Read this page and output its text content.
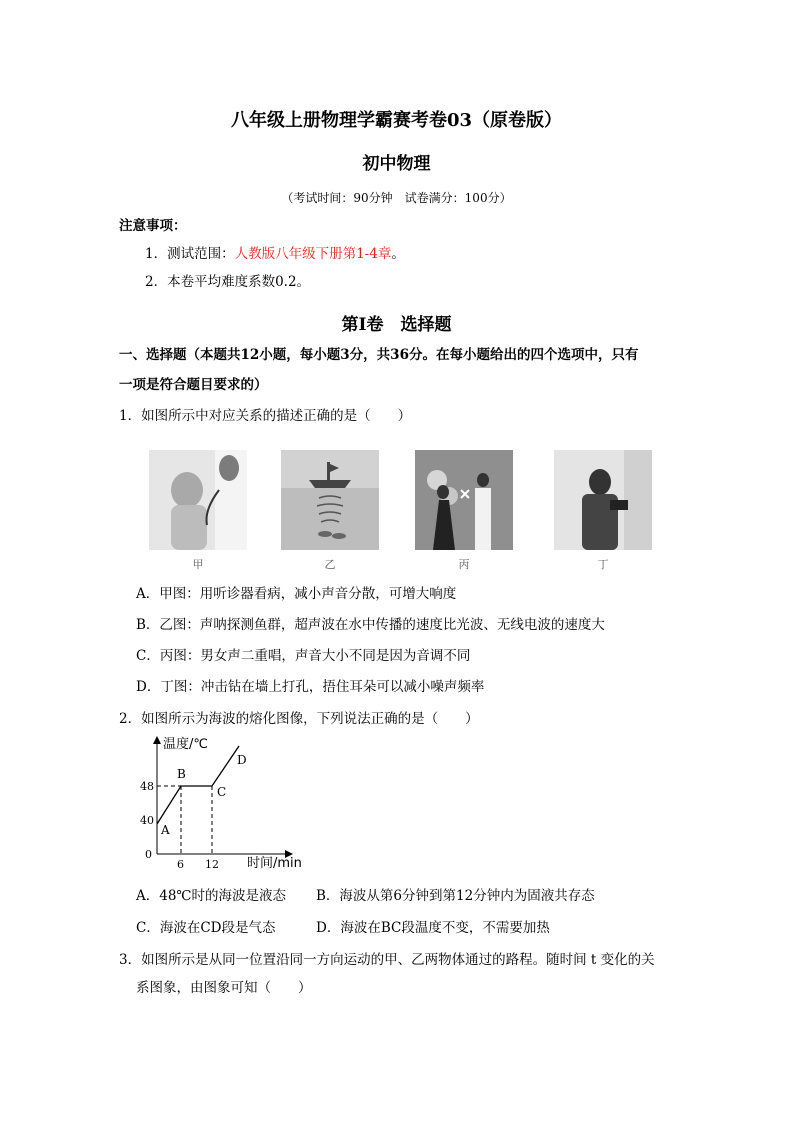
八年级上册物理学霸赛考卷03（原卷版）
初中物理
（考试时间：90分钟　试卷满分：100分）
注意事项：
1．测试范围：人教版八年级下册第1-4章。
2．本卷平均难度系数0.2。
第Ⅰ卷　选择题
一、选择题（本题共12小题，每小题3分，共36分。在每小题给出的四个选项中，只有
一项是符合题目要求的）
1．如图所示中对应关系的描述正确的是（　　）
甲	乙	丙	丁
A．甲图：用听诊器看病，减小声音分散，可增大响度
B．乙图：声呐探测鱼群，超声波在水中传播的速度比光波、无线电波的速度大
C．丙图：男女声二重唱，声音大小不同是因为音调不同
D．丁图：冲击钻在墙上打孔，捂住耳朵可以减小噪声频率
2．如图所示为海波的熔化图像，下列说法正确的是（　　）
温度/℃
时间/min
0
40
48
6 12
A
B
C
D
A．48℃时的海波是液态 B．海波从第6分钟到第12分钟内为固液共存态
C．海波在CD段是气态	D．海波在BC段温度不变，不需要加热
3．如图所示是从同一位置沿同一方向运动的甲、乙两物体通过的路程。随时间 t 变化的关
系图象，由图象可知（　　）
